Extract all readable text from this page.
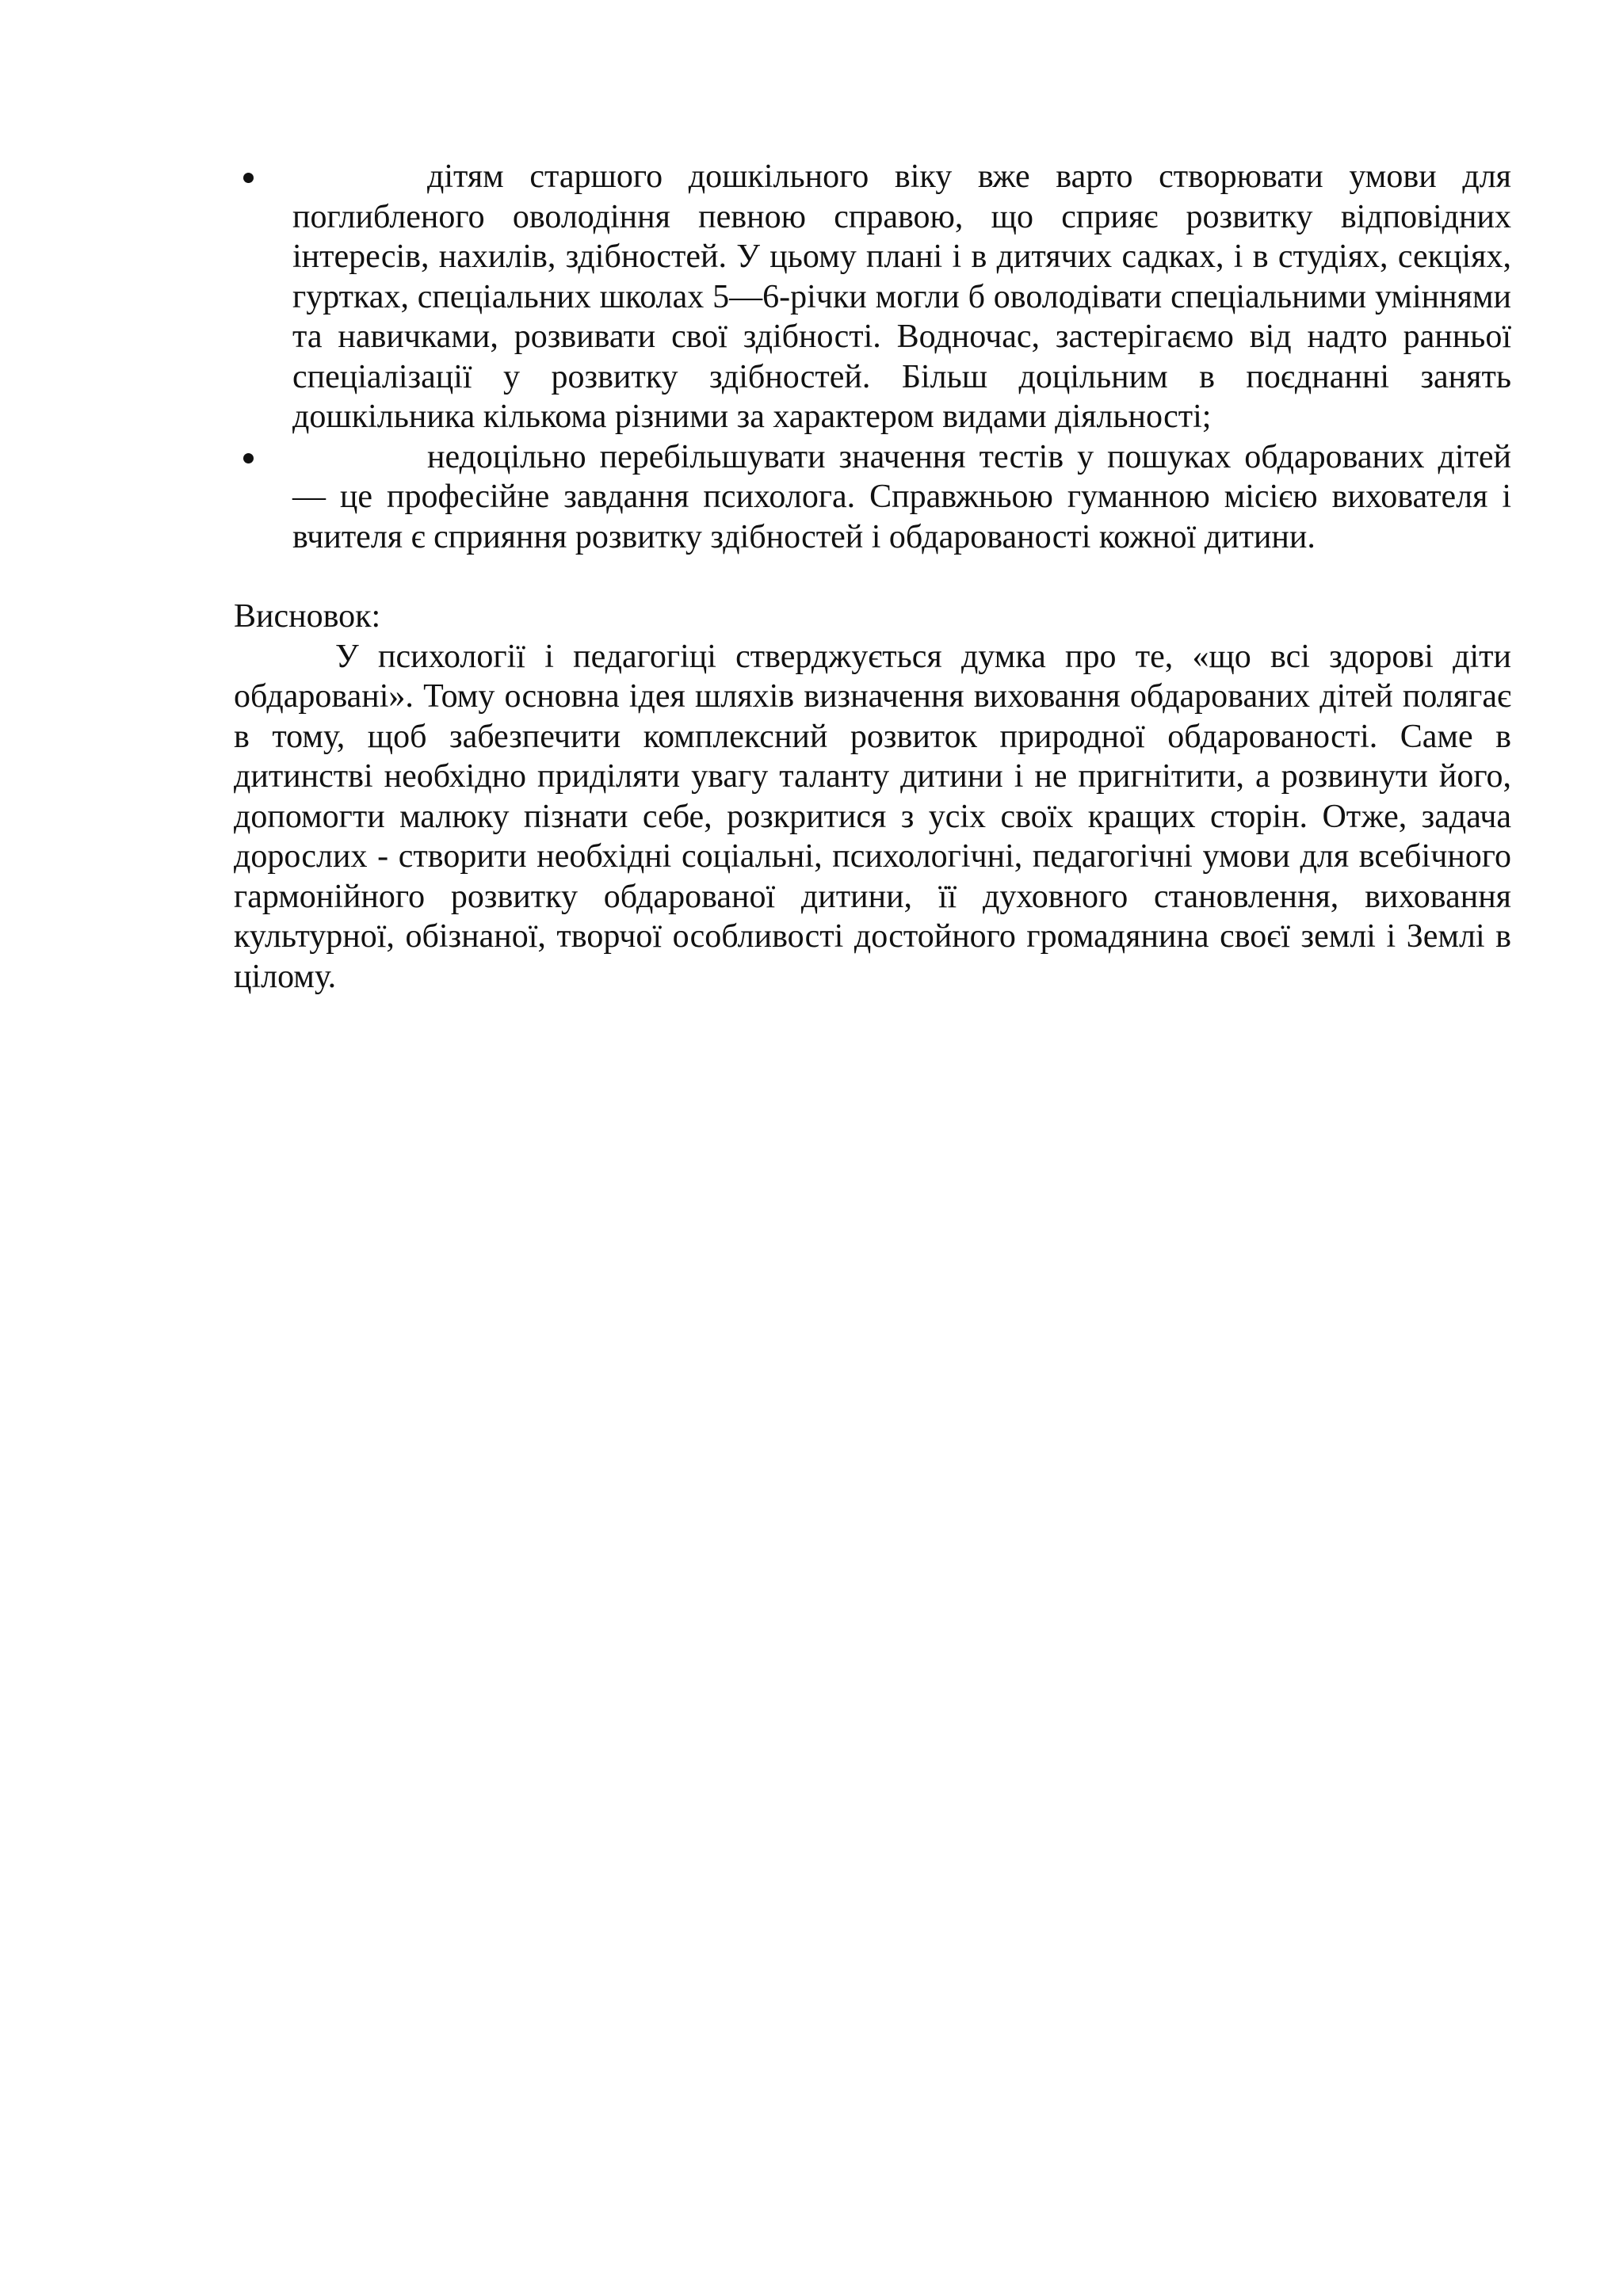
дітям старшого дошкільного віку вже варто створювати умови для поглибленого оволодіння певною справою, що сприяє розвитку відповідних інтересів, нахилів, здібностей. У цьому плані і в дитячих садках, і в студіях, секціях, гуртках, спеціальних школах 5—6-річки могли б оволодівати спеціальними уміннями та навичками, розвивати свої здібності. Водночас, застерігаємо від надто ранньої спеціалізації у розвитку здібностей. Більш доцільним в поєднанні занять дошкільника кількома різними за характером видами діяльності;
недоцільно перебільшувати значення тестів у пошуках обдарованих дітей — це професійне завдання психолога. Справжньою гуманною місією вихователя і вчителя є сприяння розвитку здібностей і обдарованості кожної дитини.

Висновок:

У психології і педагогіці стверджується думка про те, «що всі здорові діти обдаровані». Тому основна ідея шляхів визначення виховання обдарованих дітей полягає в тому, щоб забезпечити комплексний розвиток природної обдарованості. Саме в дитинстві необхідно приділяти увагу таланту дитини і не пригнітити, а розвинути його, допомогти малюку пізнати себе, розкритися з усіх своїх кращих сторін. Отже, задача дорослих - створити необхідні соціальні, психологічні, педагогічні умови для всебічного гармонійного розвитку обдарованої дитини, її духовного становлення, виховання культурної, обізнаної, творчої особливості достойного громадянина своєї землі і Землі в цілому.
